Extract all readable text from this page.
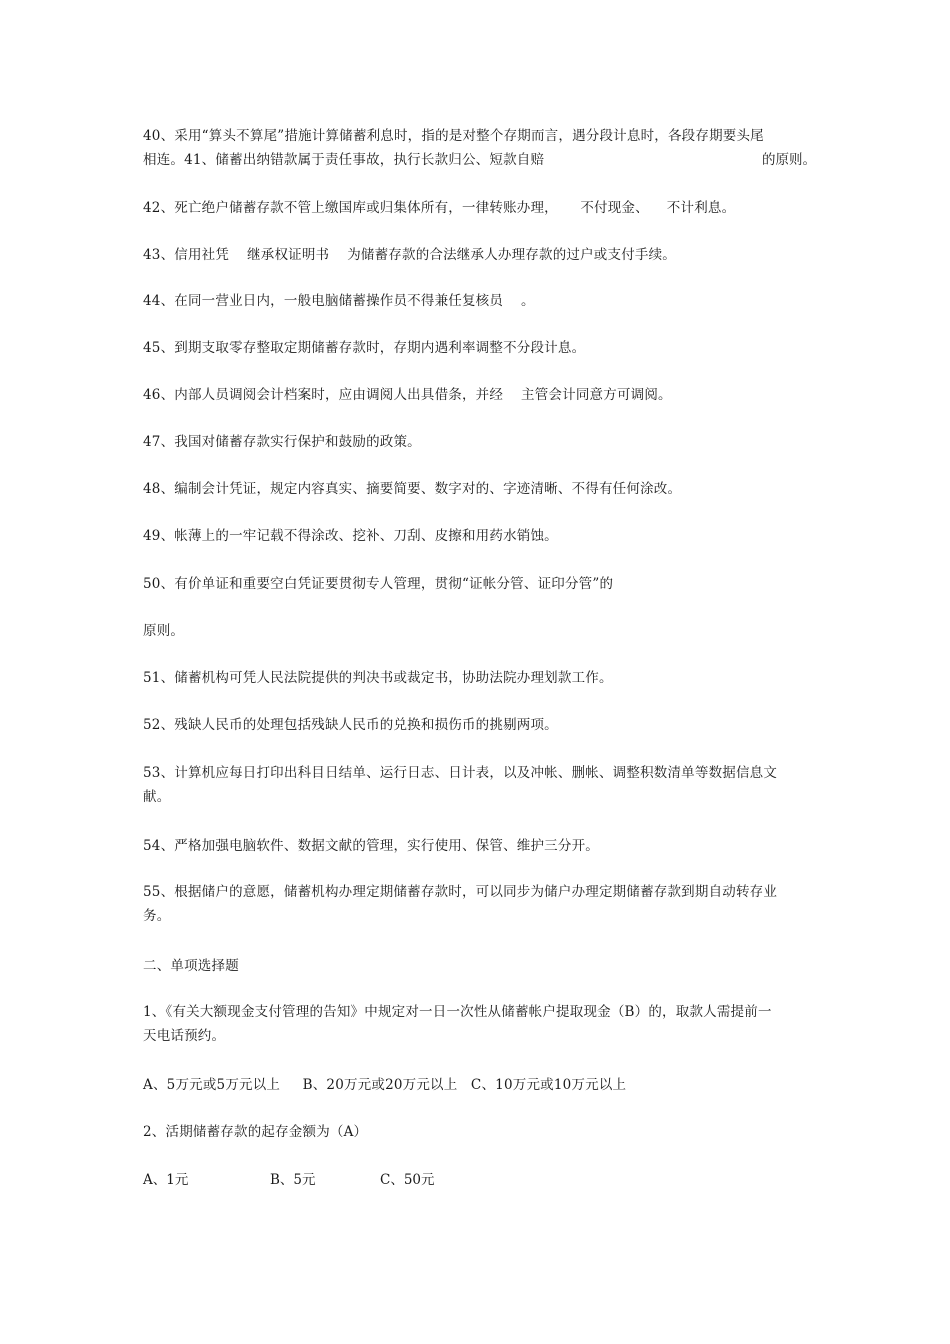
40、采用“算头不算尾”措施计算储蓄利息时，指的是对整个存期而言，遇分段计息时，各段存期要头尾
相连。41、储蓄出纳错款属于责任事故，执行长款归公、短款自赔	的原则。
42、死亡绝户储蓄存款不管上缴国库或归集体所有，一律转账办理，     不付现金、    不计利息。
43、信用社凭    继承权证明书    为储蓄存款的合法继承人办理存款的过户或支付手续。
44、在同一营业日内，一般电脑储蓄操作员不得兼任复核员    。
45、到期支取零存整取定期储蓄存款时，存期内遇利率调整不分段计息。
46、内部人员调阅会计档案时，应由调阅人出具借条，并经    主管会计同意方可调阅。
47、我国对储蓄存款实行保护和鼓励的政策。
48、编制会计凭证，规定内容真实、摘要简要、数字对的、字迹清晰、不得有任何涂改。
49、帐薄上的一牢记载不得涂改、挖补、刀刮、皮擦和用药水销蚀。
50、有价单证和重要空白凭证要贯彻专人管理，贯彻“证帐分管、证印分管”的
原则。
51、储蓄机构可凭人民法院提供的判决书或裁定书，协助法院办理划款工作。
52、残缺人民币的处理包括残缺人民币的兑换和损伤币的挑剔两项。
53、计算机应每日打印出科目日结单、运行日志、日计表，以及冲帐、删帐、调整积数清单等数据信息文
献。
54、严格加强电脑软件、数据文献的管理，实行使用、保管、维护三分开。
55、根据储户的意愿，储蓄机构办理定期储蓄存款时，可以同步为储户办理定期储蓄存款到期自动转存业
务。
二、单项选择题
1、《有关大额现金支付管理的告知》中规定对一日一次性从储蓄帐户提取现金（B）的，取款人需提前一
天电话预约。
A、5万元或5万元以上     B、20万元或20万元以上   C、10万元或10万元以上
2、活期储蓄存款的起存金额为（A）
A、1元	B、5元	C、50元
